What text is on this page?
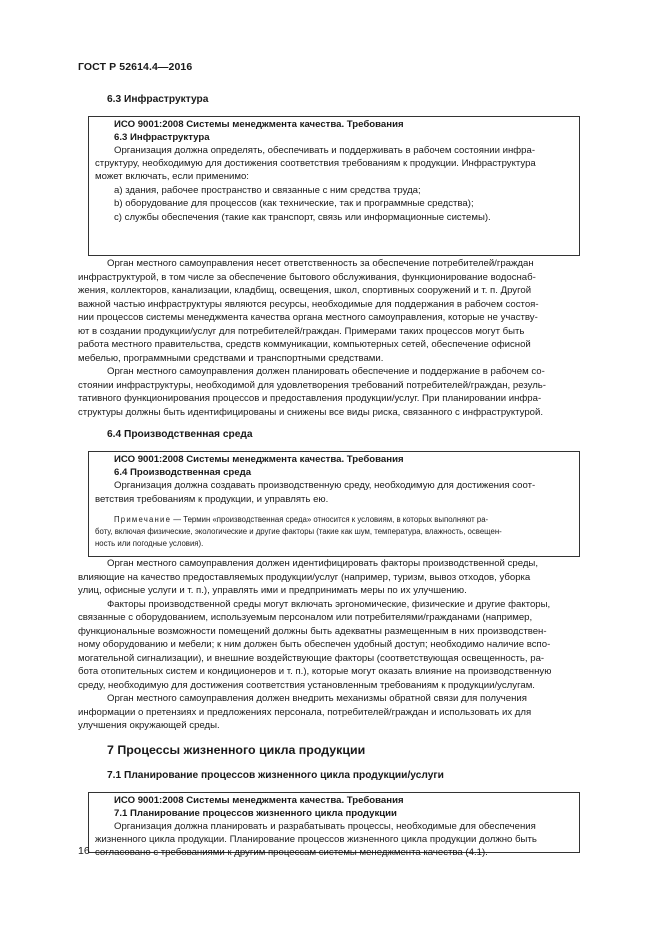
ГОСТ Р 52614.4—2016
6.3 Инфраструктура
ИСО 9001:2008 Системы менеджмента качества. Требования
6.3 Инфраструктура
Организация должна определять, обеспечивать и поддерживать в рабочем состоянии инфра-
структуру, необходимую для достижения соответствия требованиям к продукции. Инфраструктура
может включать, если применимо:
a) здания, рабочее пространство и связанные с ним средства труда;
b) оборудование для процессов (как технические, так и программные средства);
c) службы обеспечения (такие как транспорт, связь или информационные системы).
Орган местного самоуправления несет ответственность за обеспечение потребителей/граждан
инфраструктурой, в том числе за обеспечение бытового обслуживания, функционирование водоснаб-
жения, коллекторов, канализации, кладбищ, освещения, школ, спортивных сооружений и т. п. Другой
важной частью инфраструктуры являются ресурсы, необходимые для поддержания в рабочем состоя-
нии процессов системы менеджмента качества органа местного самоуправления, которые не участву-
ют в создании продукции/услуг для потребителей/граждан. Примерами таких процессов могут быть
работа местного правительства, средств коммуникации, компьютерных сетей, обеспечение офисной
мебелью, программными средствами и транспортными средствами.
Орган местного самоуправления должен планировать обеспечение и поддержание в рабочем со-
стоянии инфраструктуры, необходимой для удовлетворения требований потребителей/граждан, резуль-
тативного функционирования процессов и предоставления продукции/услуг. При планировании инфра-
структуры должны быть идентифицированы и снижены все виды риска, связанного с инфраструктурой.
6.4 Производственная среда
ИСО 9001:2008 Системы менеджмента качества. Требования
6.4 Производственная среда
Организация должна создавать производственную среду, необходимую для достижения соот-
ветствия требованиям к продукции, и управлять ею.
Примечание — Термин «производственная среда» относится к условиям, в которых выполняют ра-
боту, включая физические, экологические и другие факторы (такие как шум, температура, влажность, освещен-
ность или погодные условия).
Орган местного самоуправления должен идентифицировать факторы производственной среды,
влияющие на качество предоставляемых продукции/услуг (например, туризм, вывоз отходов, уборка
улиц, офисные услуги и т. п.), управлять ими и предпринимать меры по их улучшению.
Факторы производственной среды могут включать эргономические, физические и другие факторы,
связанные с оборудованием, используемым персоналом или потребителями/гражданами (например,
функциональные возможности помещений должны быть адекватны размещенным в них производствен-
ному оборудованию и мебели; к ним должен быть обеспечен удобный доступ; необходимо наличие вспо-
могательной сигнализации), и внешние воздействующие факторы (соответствующая освещенность, ра-
бота отопительных систем и кондиционеров и т. п.), которые могут оказать влияние на производственную
среду, необходимую для достижения соответствия установленным требованиям к продукции/услугам.
Орган местного самоуправления должен внедрить механизмы обратной связи для получения
информации о претензиях и предложениях персонала, потребителей/граждан и использовать их для
улучшения окружающей среды.
7 Процессы жизненного цикла продукции
7.1 Планирование процессов жизненного цикла продукции/услуги
ИСО 9001:2008 Системы менеджмента качества. Требования
7.1 Планирование процессов жизненного цикла продукции
Организация должна планировать и разрабатывать процессы, необходимые для обеспечения
жизненного цикла продукции. Планирование процессов жизненного цикла продукции должно быть
согласовано с требованиями к другим процессам системы менеджмента качества (4.1).
16
